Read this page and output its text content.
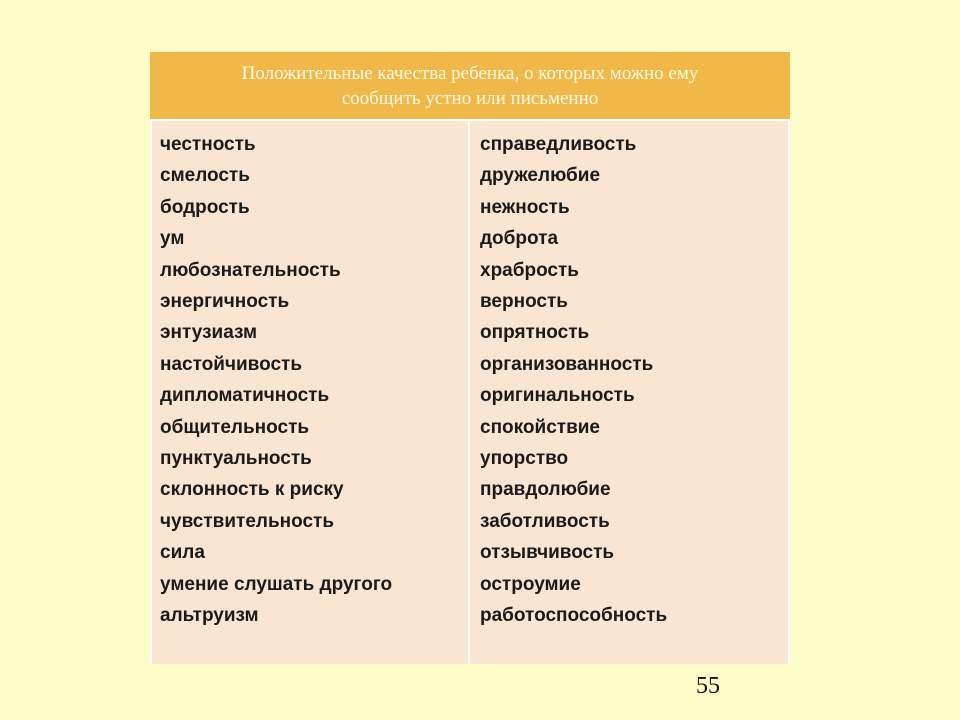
Положительные качества ребенка, о которых можно ему
сообщить устно или письменно
честность
смелость
бодрость
ум
любознательность
энергичность
энтузиазм
настойчивость
дипломатичность
общительность
пунктуальность
склонность к риску
чувствительность
сила
умение слушать другого
альтруизм
справедливость
дружелюбие
нежность
доброта
храбрость
верность
опрятность
организованность
оригинальность
спокойствие
упорство
правдолюбие
заботливость
отзывчивость
остроумие
работоспособность
55
